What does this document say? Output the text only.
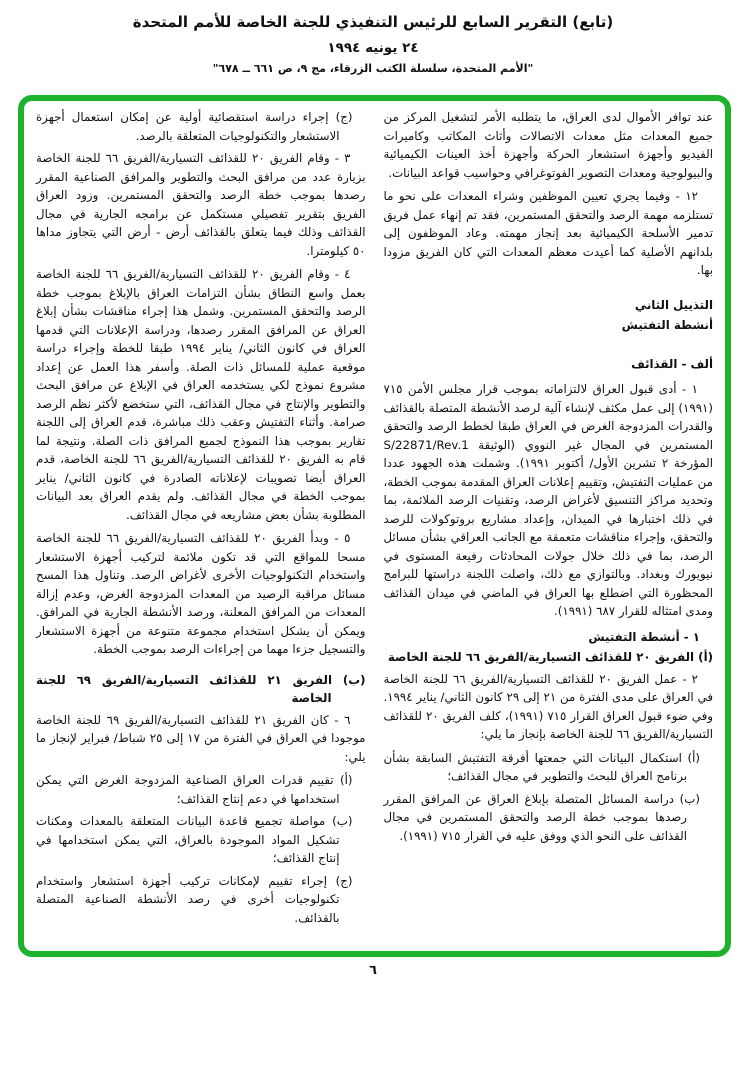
(تابع) التقرير السابع للرئيس التنفيذي للجنة الخاصة للأمم المتحدة
٢٤ يونيه ١٩٩٤
"الأمم المتحدة، سلسلة الكتب الزرقاء، مج ٩، ص ٦٦١ ــ ٦٧٨"

عند توافر الأموال لدى العراق، ما يتطلبه الأمر لتشغيل المركز من جميع المعدات مثل معدات الاتصالات وأثاث المكاتب وكاميرات الفيديو وأجهزة استشعار الحركة وأجهزة أخذ العينات الكيميائية والبيولوجية ومعدات التصوير الفوتوغرافي وحواسيب قواعد البيانات.

١٢ - وفيما يجري تعيين الموظفين وشراء المعدات على نحو ما تستلزمه مهمة الرصد والتحقق المستمرين، فقد تم إنهاء عمل فريق تدمير الأسلحة الكيميائية بعد إنجاز مهمته. وعاد الموظفون إلى بلدانهم الأصلية كما أعيدت معظم المعدات التي كان الفريق مزودا بها.

التذييل الثاني

أنشطة التفتيش

ألف - القذائف

١ - أدى قبول العراق لالتزاماته بموجب قرار مجلس الأمن ٧١٥ (١٩٩١) إلى عمل مكثف لإنشاء آلية لرصد الأنشطة المتصلة بالقذائف والقدرات المزدوجة الغرض في العراق طبقا لخطط الرصد والتحقق المستمرين في المجال غير النووي (الوثيقة S/22871/Rev.1 المؤرخة ٢ تشرين الأول/ أكتوبر ١٩٩١). وشملت هذه الجهود عددا من عمليات التفتيش، وتقييم إعلانات العراق المقدمة بموجب الخطة، وتحديد مراكز التنسيق لأغراض الرصد، وتقنيات الرصد الملائمة، بما في ذلك اختبارها في الميدان، وإعداد مشاريع بروتوكولات للرصد والتحقق، وإجراء مناقشات متعمقة مع الجانب العراقي بشأن مسائل الرصد، بما في ذلك خلال جولات المحادثات رفيعة المستوى في نيويورك وبغداد. وبالتوازي مع ذلك، واصلت اللجنة دراستها للبرامج المحظورة التي اضطلع بها العراق في الماضي في ميدان القذائف ومدى امتثاله للقرار ٦٨٧ (١٩٩١).

١ - أنشطة التفتيش

(أ) الفريق ٢٠ للقذائف التسيارية/الفريق ٦٦ للجنة الخاصة

٢ - عمل الفريق ٢٠ للقذائف التسيارية/الفريق ٦٦ للجنة الخاصة في العراق على مدى الفترة من ٢١ إلى ٢٩ كانون الثاني/ يناير ١٩٩٤. وفي ضوء قبول العراق القرار ٧١٥ (١٩٩١)، كلف الفريق ٢٠ للقذائف التسيارية/الفريق ٦٦ للجنة الخاصة بإنجاز ما يلي:

(أ) استكمال البيانات التي جمعتها أفرقة التفتيش السابقة بشأن برنامج العراق للبحث والتطوير في مجال القذائف؛

(ب) دراسة المسائل المتصلة بإبلاغ العراق عن المرافق المقرر رصدها بموجب خطة الرصد والتحقق المستمرين في مجال القذائف على النحو الذي ووفق عليه في القرار ٧١٥ (١٩٩١).

(ج) إجراء دراسة استقصائية أولية عن إمكان استعمال أجهزة الاستشعار والتكنولوجيات المتعلقة بالرصد.

٣ - وقام الفريق ٢٠ للقذائف التسيارية/الفريق ٦٦ للجنة الخاصة بزيارة عدد من مرافق البحث والتطوير والمرافق الصناعية المقرر رصدها بموجب خطة الرصد والتحقق المستمرين. وزود العراق الفريق بتقرير تفصيلي مستكمل عن برامجه الجارية في مجال القذائف وذلك فيما يتعلق بالقذائف أرض - أرض التي يتجاوز مداها ٥٠ كيلومترا.

٤ - وقام الفريق ٢٠ للقذائف التسيارية/الفريق ٦٦ للجنة الخاصة بعمل واسع النطاق بشأن التزامات العراق بالإبلاغ بموجب خطة الرصد والتحقق المستمرين. وشمل هذا إجراء مناقشات بشأن إبلاغ العراق عن المرافق المقرر رصدها، ودراسة الإعلانات التي قدمها العراق في كانون الثاني/ يناير ١٩٩٤ طبقا للخطة وإجراء دراسة موقعية عملية للمسائل ذات الصلة. وأسفر هذا العمل عن إعداد مشروع نموذج لكي يستخدمه العراق في الإبلاغ عن مرافق البحث والتطوير والإنتاج في مجال القذائف، التي ستخضع لأكثر نظم الرصد صرامة. وأثناء التفتيش وعقب ذلك مباشرة، قدم العراق إلى اللجنة تقارير بموجب هذا النموذج لجميع المرافق ذات الصلة. ونتيجة لما قام به الفريق ٢٠ للقذائف التسيارية/الفريق ٦٦ للجنة الخاصة، قدم العراق أيضا تصويبات لإعلاناته الصادرة في كانون الثاني/ يناير بموجب الخطة في مجال القذائف. ولم يقدم العراق بعد البيانات المطلوبة بشأن بعض مشاريعه في مجال القذائف.

٥ - وبدأ الفريق ٢٠ للقذائف التسيارية/الفريق ٦٦ للجنة الخاصة مسحا للمواقع التي قد تكون ملائمة لتركيب أجهزة الاستشعار واستخدام التكنولوجيات الأخرى لأغراض الرصد. وتناول هذا المسح مسائل مراقبة الرصيد من المعدات المزدوجة الغرض، وعدم إزالة المعدات من المرافق المعلنة، ورصد الأنشطة الجارية في المرافق. ويمكن أن يشكل استخدام مجموعة متنوعة من أجهزة الاستشعار والتسجيل جزءا مهما من إجراءات الرصد بموجب الخطة.

(ب) الفريق ٢١ للقذائف التسيارية/الفريق ٦٩ للجنة الخاصة

٦ - كان الفريق ٢١ للقذائف التسيارية/الفريق ٦٩ للجنة الخاصة موجودا في العراق في الفترة من ١٧ إلى ٢٥ شباط/ فبراير لإنجاز ما يلي:

(أ) تقييم قدرات العراق الصناعية المزدوجة الغرض التي يمكن استخدامها في دعم إنتاج القذائف؛

(ب) مواصلة تجميع قاعدة البيانات المتعلقة بالمعدات ومكنات تشكيل المواد الموجودة بالعراق، التي يمكن استخدامها في إنتاج القذائف؛

(ج) إجراء تقييم لإمكانات تركيب أجهزة استشعار واستخدام تكنولوجيات أخرى في رصد الأنشطة الصناعية المتصلة بالقذائف.

٦
